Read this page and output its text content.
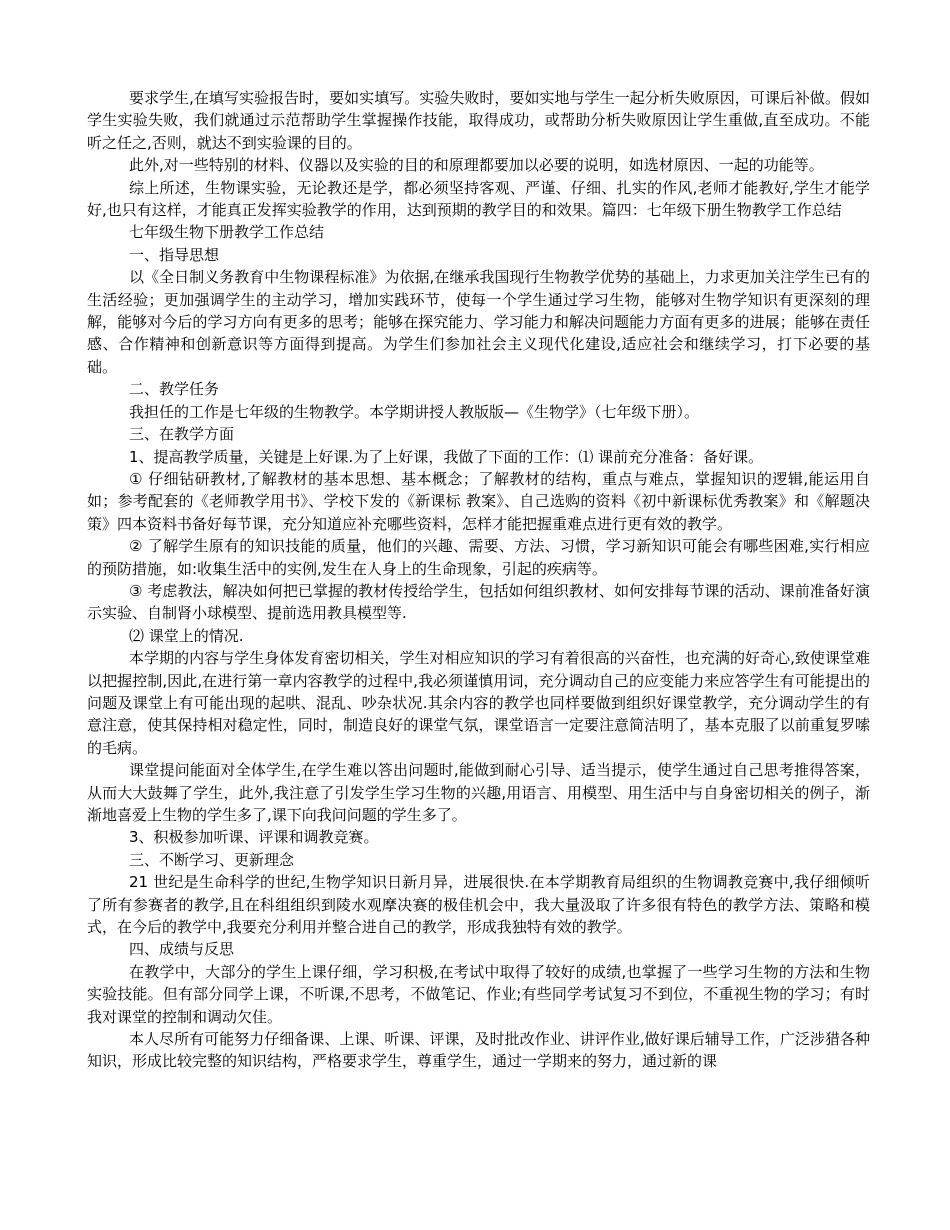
要求学生,在填写实验报告时，要如实填写。实验失败时，要如实地与学生一起分析失败原因，可课后补做。假如学生实验失败，我们就通过示范帮助学生掌握操作技能，取得成功，或帮助分析失败原因让学生重做,直至成功。不能听之任之,否则，就达不到实验课的目的。

此外,对一些特别的材料、仪器以及实验的目的和原理都要加以必要的说明，如选材原因、一起的功能等。

综上所述，生物课实验，无论教还是学，都必须坚持客观、严谨、仔细、扎实的作风,老师才能教好,学生才能学好,也只有这样，才能真正发挥实验教学的作用，达到预期的教学目的和效果。篇四：七年级下册生物教学工作总结

七年级生物下册教学工作总结

一、指导思想

以《全日制义务教育中生物课程标准》为依据,在继承我国现行生物教学优势的基础上，力求更加关注学生已有的生活经验；更加强调学生的主动学习，增加实践环节，使每一个学生通过学习生物，能够对生物学知识有更深刻的理解，能够对今后的学习方向有更多的思考；能够在探究能力、学习能力和解决问题能力方面有更多的进展；能够在责任感、合作精神和创新意识等方面得到提高。为学生们参加社会主义现代化建设,适应社会和继续学习，打下必要的基础。

二、教学任务

我担任的工作是七年级的生物教学。本学期讲授人教版版—《生物学》（七年级下册）。

三、在教学方面

1、提高教学质量，关键是上好课.为了上好课，我做了下面的工作：⑴ 课前充分准备：备好课。

① 仔细钻研教材,了解教材的基本思想、基本概念；了解教材的结构，重点与难点，掌握知识的逻辑,能运用自如；参考配套的《老师教学用书》、学校下发的《新课标 教案》、自己选购的资料《初中新课标优秀教案》和《解题决策》四本资料书备好每节课，充分知道应补充哪些资料，怎样才能把握重难点进行更有效的教学。

② 了解学生原有的知识技能的质量，他们的兴趣、需要、方法、习惯，学习新知识可能会有哪些困难,实行相应的预防措施，如:收集生活中的实例,发生在人身上的生命现象，引起的疾病等。

③ 考虑教法，解决如何把已掌握的教材传授给学生，包括如何组织教材、如何安排每节课的活动、课前准备好演示实验、自制肾小球模型、提前选用教具模型等.

⑵ 课堂上的情况.

本学期的内容与学生身体发育密切相关，学生对相应知识的学习有着很高的兴奋性，也充满的好奇心,致使课堂难以把握控制,因此,在进行第一章内容教学的过程中,我必须谨慎用词，充分调动自己的应变能力来应答学生有可能提出的问题及课堂上有可能出现的起哄、混乱、吵杂状况.其余内容的教学也同样要做到组织好课堂教学，充分调动学生的有意注意，使其保持相对稳定性，同时，制造良好的课堂气氛，课堂语言一定要注意简洁明了，基本克服了以前重复罗嗦的毛病。

课堂提问能面对全体学生,在学生难以答出问题时,能做到耐心引导、适当提示，使学生通过自己思考推得答案，从而大大鼓舞了学生，此外,我注意了引发学生学习生物的兴趣,用语言、用模型、用生活中与自身密切相关的例子，渐渐地喜爱上生物的学生多了,课下向我问问题的学生多了。

3、积极参加听课、评课和调教竞赛。

三、不断学习、更新理念

21 世纪是生命科学的世纪,生物学知识日新月异，进展很快.在本学期教育局组织的生物调教竞赛中,我仔细倾听了所有参赛者的教学,且在科组组织到陵水观摩决赛的极佳机会中，我大量汲取了许多很有特色的教学方法、策略和模式，在今后的教学中,我要充分利用并整合进自己的教学，形成我独特有效的教学。

四、成绩与反思

在教学中，大部分的学生上课仔细，学习积极,在考试中取得了较好的成绩,也掌握了一些学习生物的方法和生物实验技能。但有部分同学上课，不听课,不思考，不做笔记、作业;有些同学考试复习不到位，不重视生物的学习；有时我对课堂的控制和调动欠佳。

本人尽所有可能努力仔细备课、上课、听课、评课，及时批改作业、讲评作业,做好课后辅导工作，广泛涉猎各种知识，形成比较完整的知识结构，严格要求学生，尊重学生，通过一学期来的努力，通过新的课
